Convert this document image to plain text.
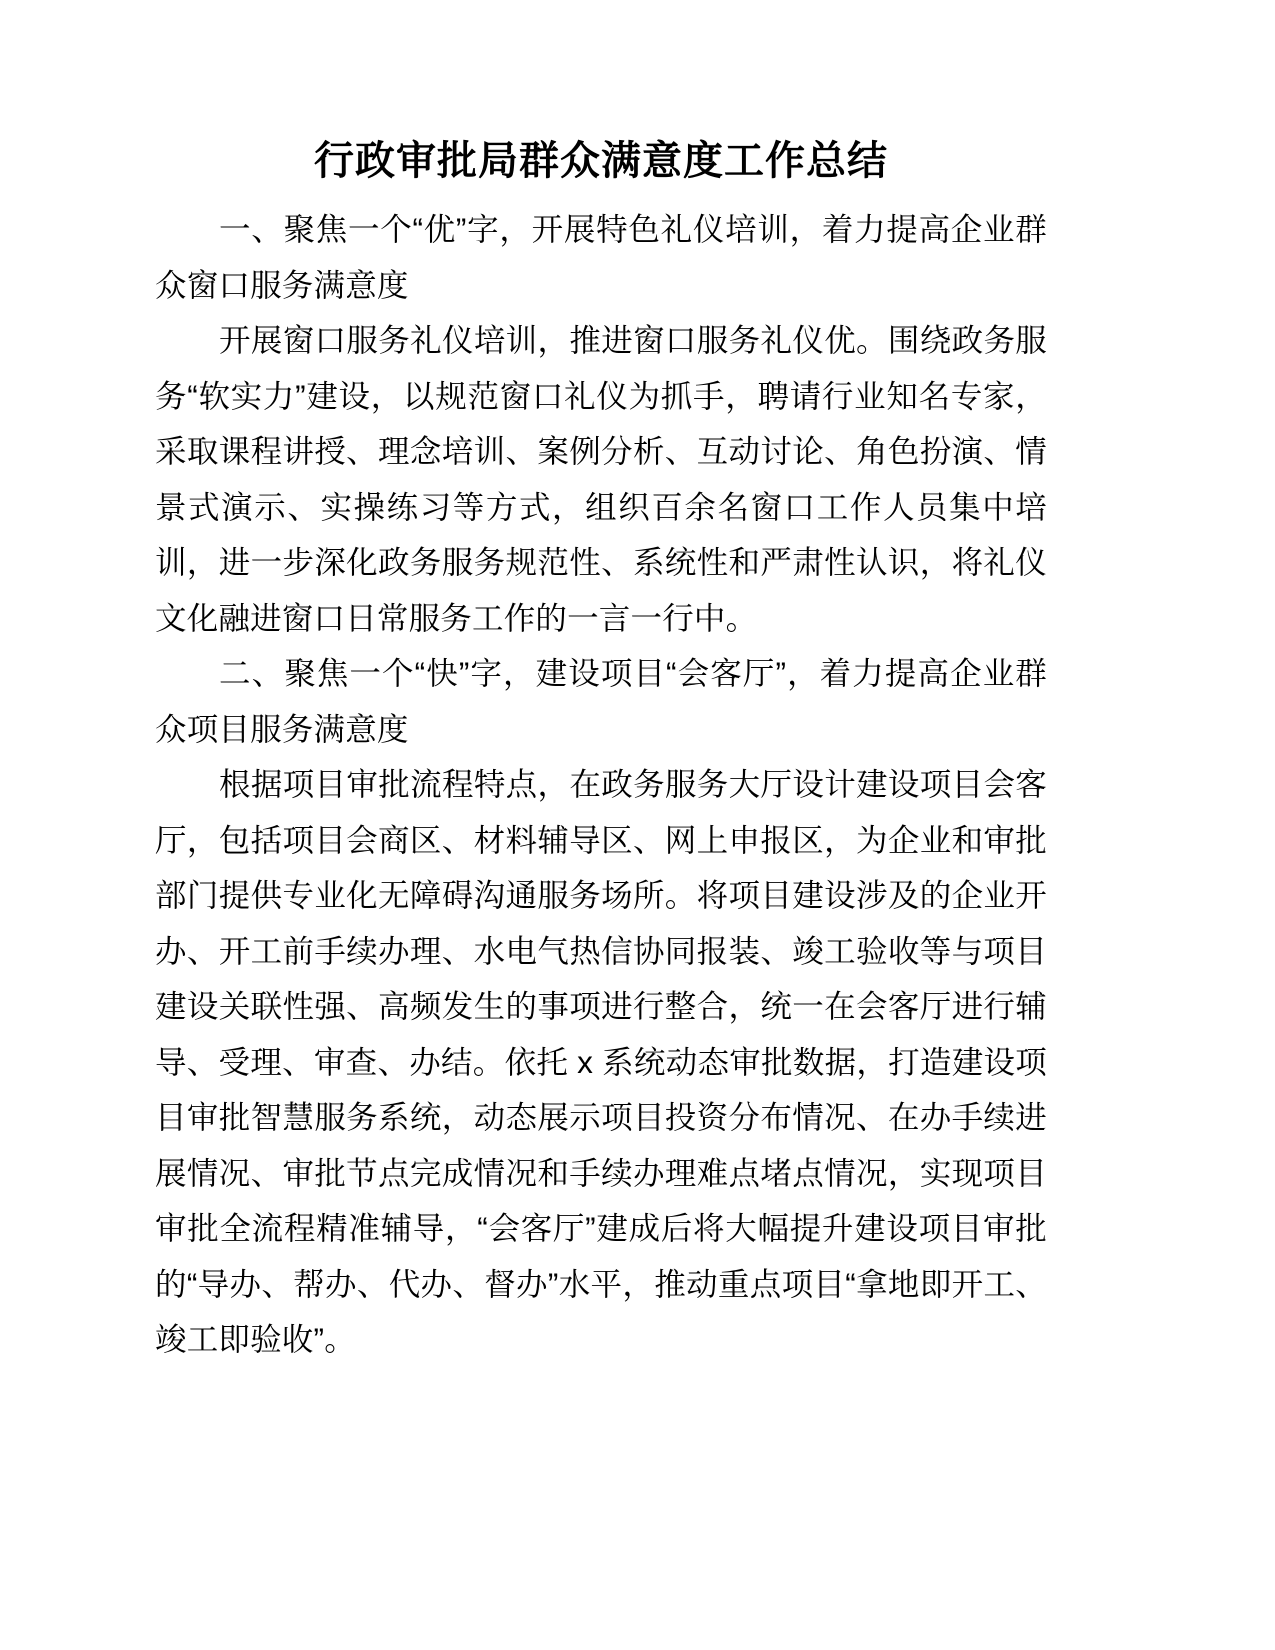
行政审批局群众满意度工作总结

一、聚焦一个“优”字，开展特色礼仪培训，着力提高企业群众窗口服务满意度

开展窗口服务礼仪培训，推进窗口服务礼仪优。围绕政务服务“软实力”建设，以规范窗口礼仪为抓手，聘请行业知名专家，采取课程讲授、理念培训、案例分析、互动讨论、角色扮演、情景式演示、实操练习等方式，组织百余名窗口工作人员集中培训，进一步深化政务服务规范性、系统性和严肃性认识，将礼仪文化融进窗口日常服务工作的一言一行中。

二、聚焦一个“快”字，建设项目“会客厅”，着力提高企业群众项目服务满意度

根据项目审批流程特点，在政务服务大厅设计建设项目会客厅，包括项目会商区、材料辅导区、网上申报区，为企业和审批部门提供专业化无障碍沟通服务场所。将项目建设涉及的企业开办、开工前手续办理、水电气热信协同报装、竣工验收等与项目建设关联性强、高频发生的事项进行整合，统一在会客厅进行辅导、受理、审查、办结。依托 x 系统动态审批数据，打造建设项目审批智慧服务系统，动态展示项目投资分布情况、在办手续进展情况、审批节点完成情况和手续办理难点堵点情况，实现项目审批全流程精准辅导，“会客厅”建成后将大幅提升建设项目审批的“导办、帮办、代办、督办”水平，推动重点项目“拿地即开工、竣工即验收”。
